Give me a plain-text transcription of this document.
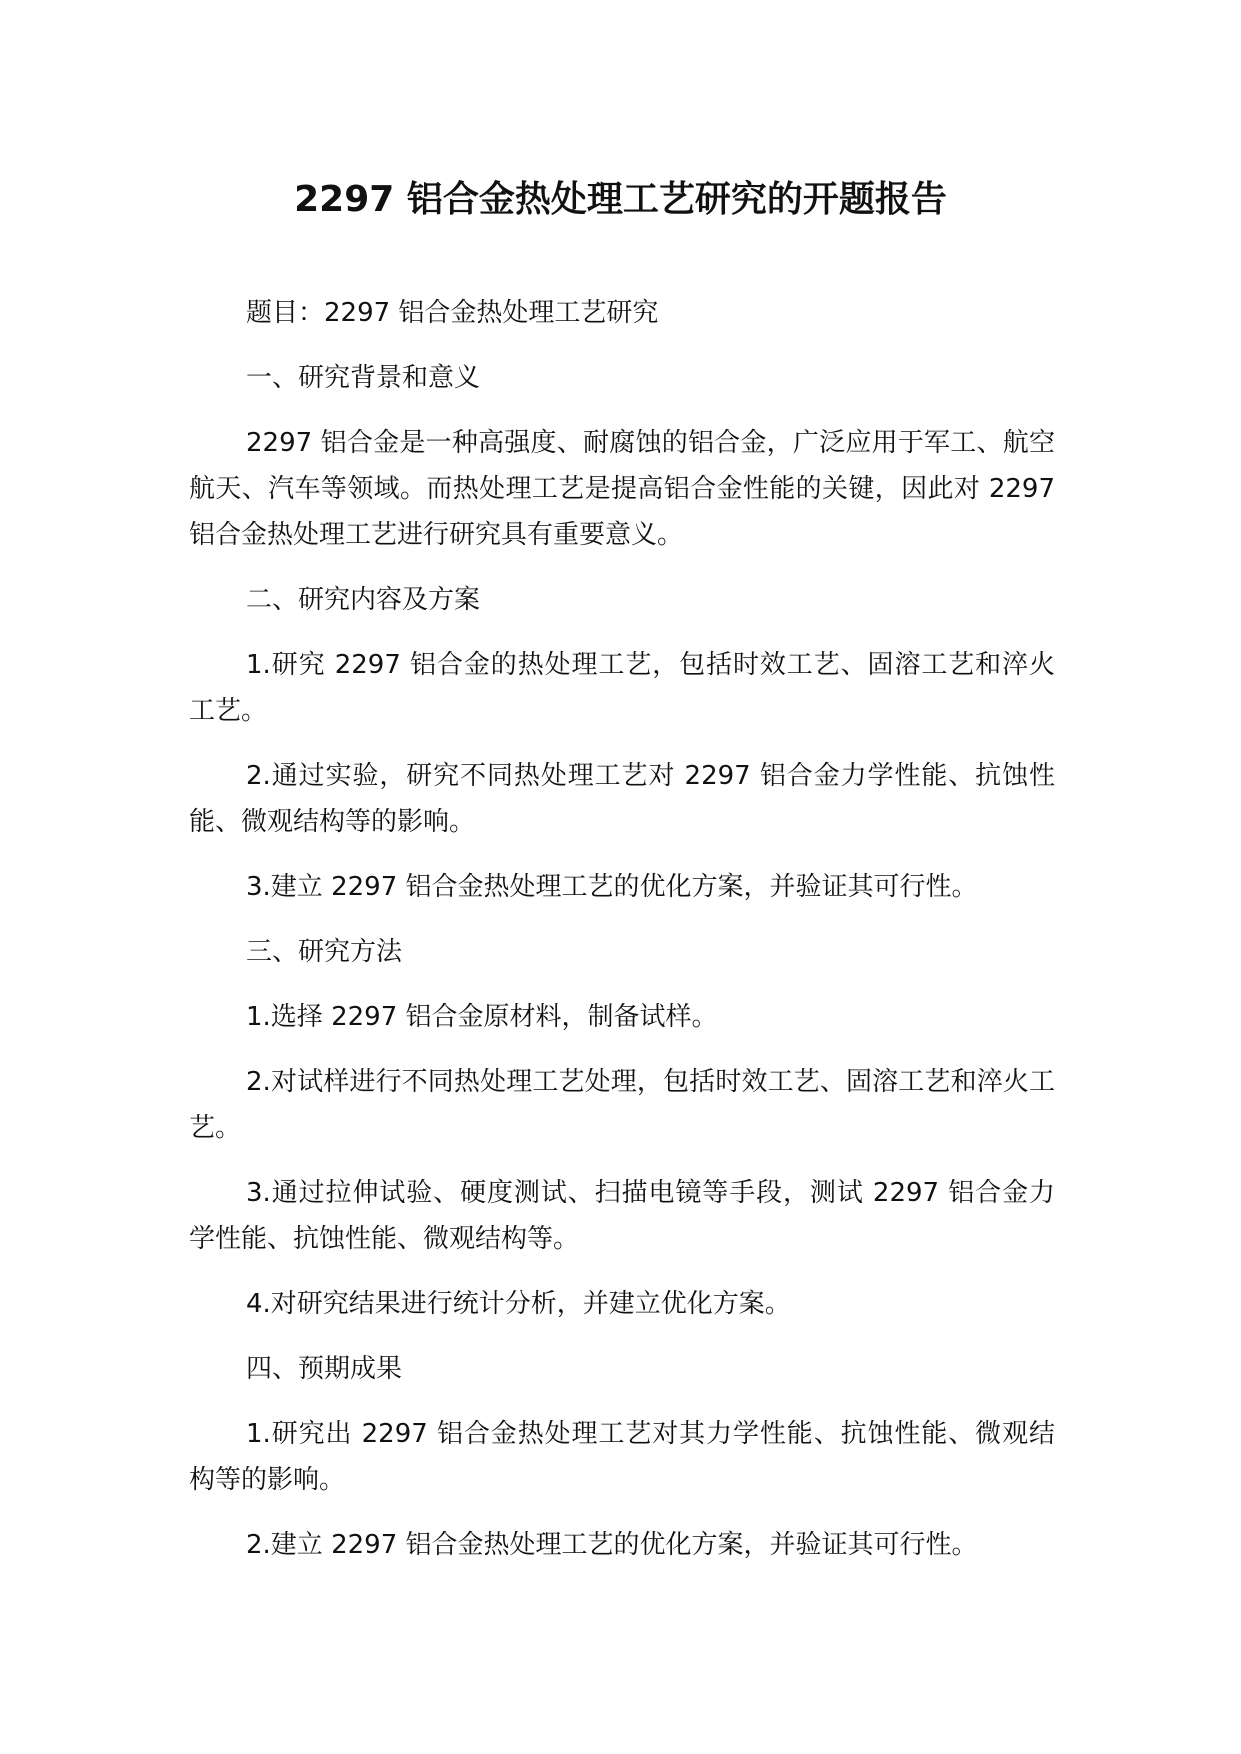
2297 铝合金热处理工艺研究的开题报告

题目：2297 铝合金热处理工艺研究

一、研究背景和意义

2297 铝合金是一种高强度、耐腐蚀的铝合金，广泛应用于军工、航空航天、汽车等领域。而热处理工艺是提高铝合金性能的关键，因此对 2297 铝合金热处理工艺进行研究具有重要意义。

二、研究内容及方案

1.研究 2297 铝合金的热处理工艺，包括时效工艺、固溶工艺和淬火工艺。

2.通过实验，研究不同热处理工艺对 2297 铝合金力学性能、抗蚀性能、微观结构等的影响。

3.建立 2297 铝合金热处理工艺的优化方案，并验证其可行性。

三、研究方法

1.选择 2297 铝合金原材料，制备试样。

2.对试样进行不同热处理工艺处理，包括时效工艺、固溶工艺和淬火工艺。

3.通过拉伸试验、硬度测试、扫描电镜等手段，测试 2297 铝合金力学性能、抗蚀性能、微观结构等。

4.对研究结果进行统计分析，并建立优化方案。

四、预期成果

1.研究出 2297 铝合金热处理工艺对其力学性能、抗蚀性能、微观结构等的影响。

2.建立 2297 铝合金热处理工艺的优化方案，并验证其可行性。
